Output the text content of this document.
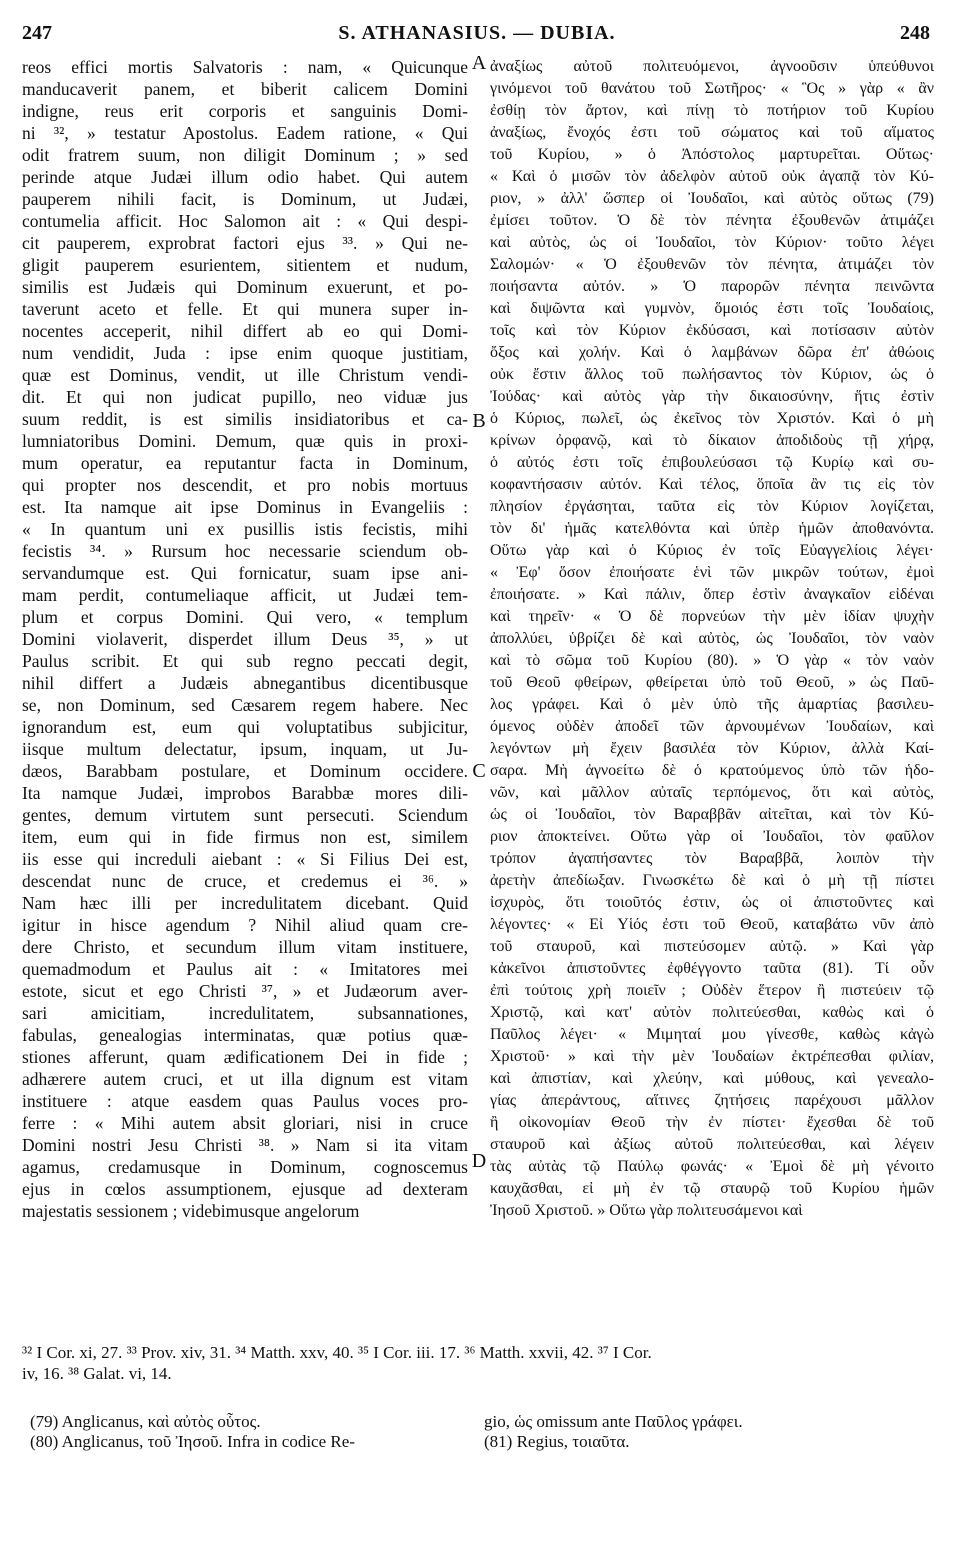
247	S. ATHANASIUS. — DUBIA.	248
reos effici mortis Salvatoris : nam, « Quicunque
manducaverit panem, et biberit calicem Domini
indigne, reus erit corporis et sanguinis Domi-
ni ³², » testatur Apostolus. Eadem ratione, « Qui
odit fratrem suum, non diligit Dominum ; » sed
perinde atque Judæi illum odio habet. Qui autem
pauperem nihili facit, is Dominum, ut Judæi,
contumelia afficit. Hoc Salomon ait : « Qui despi-
cit pauperem, exprobrat factori ejus ³³. » Qui ne-
gligit pauperem esurientem, sitientem et nudum,
similis est Judæis qui Dominum exuerunt, et po-
taverunt aceto et felle. Et qui munera super in-
nocentes acceperit, nihil differt ab eo qui Domi-
num vendidit, Juda : ipse enim quoque justitiam,
quæ est Dominus, vendit, ut ille Christum vendi-
dit. Et qui non judicat pupillo, neo viduæ jus
suum reddit, is est similis insidiatoribus et ca-
lumniatoribus Domini. Demum, quæ quis in proxi-
mum operatur, ea reputantur facta in Dominum,
qui propter nos descendit, et pro nobis mortuus
est. Ita namque ait ipse Dominus in Evangeliis :
« In quantum uni ex pusillis istis fecistis, mihi
fecistis ³⁴. » Rursum hoc necessarie sciendum ob-
servandumque est. Qui fornicatur, suam ipse ani-
mam perdit, contumeliaque afficit, ut Judæi tem-
plum et corpus Domini. Qui vero, « templum
Domini violaverit, disperdet illum Deus ³⁵, » ut
Paulus scribit. Et qui sub regno peccati degit,
nihil differt a Judæis abnegantibus dicentibusque
se, non Dominum, sed Cæsarem regem habere. Nec
ignorandum est, eum qui voluptatibus subjicitur,
iisque multum delectatur, ipsum, inquam, ut Ju-
dæos, Barabbam postulare, et Dominum occidere.
Ita namque Judæi, improbos Barabbæ mores dili-
gentes, demum virtutem sunt persecuti. Sciendum
item, eum qui in fide firmus non est, similem
iis esse qui increduli aiebant : « Si Filius Dei est,
descendat nunc de cruce, et credemus ei ³⁶. »
Nam hæc illi per incredulitatem dicebant. Quid
igitur in hisce agendum ? Nihil aliud quam cre-
dere Christo, et secundum illum vitam instituere,
quemadmodum et Paulus ait : « Imitatores mei
estote, sicut et ego Christi ³⁷, » et Judæorum aver-
sari amicitiam, incredulitatem, subsannationes,
fabulas, genealogias interminatas, quæ potius quæ-
stiones afferunt, quam ædificationem Dei in fide ;
adhærere autem cruci, et ut illa dignum est vitam
instituere : atque easdem quas Paulus voces pro-
ferre : « Mihi autem absit gloriari, nisi in cruce
Domini nostri Jesu Christi ³⁸. » Nam si ita vitam
agamus, credamusque in Dominum, cognoscemus
ejus in cœlos assumptionem, ejusque ad dexteram
majestatis sessionem ; videbimusque angelorum
ἀναξίως αὐτοῦ πολιτευόμενοι, ἀγνοοῦσιν ὑπεύθυνοι
γινόμενοι τοῦ θανάτου τοῦ Σωτῆρος· « Ὃς » γὰρ « ἂν
ἐσθίῃ τὸν ἄρτον, καὶ πίνῃ τὸ ποτήριον τοῦ Κυρίου
ἀναξίως, ἔνοχός ἐστι τοῦ σώματος καὶ τοῦ αἵματος
τοῦ Κυρίου, » ὁ Ἀπόστολος μαρτυρεῖται. Οὕτως·
« Καὶ ὁ μισῶν τὸν ἀδελφὸν αὐτοῦ οὐκ ἀγαπᾷ τὸν Κύ-
ριον, » ἀλλ' ὥσπερ οἱ Ἰουδαῖοι, καὶ αὐτὸς οὕτως (79)
ἐμίσει τοῦτον. Ὁ δὲ τὸν πένητα ἐξουθενῶν ἀτιμάζει
καὶ αὐτὸς, ὡς οἱ Ἰουδαῖοι, τὸν Κύριον· τοῦτο λέγει
Σαλομών· « Ὁ ἐξουθενῶν τὸν πένητα, ἀτιμάζει τὸν
ποιήσαντα αὐτόν. » Ὁ παρορῶν πένητα πεινῶντα
καὶ διψῶντα καὶ γυμνὸν, ὅμοιός ἐστι τοῖς Ἰουδαίοις,
τοῖς καὶ τὸν Κύριον ἐκδύσασι, καὶ ποτίσασιν αὐτὸν
ὄξος καὶ χολήν. Καὶ ὁ λαμβάνων δῶρα ἐπ' ἀθώοις
οὐκ ἔστιν ἄλλος τοῦ πωλήσαντος τὸν Κύριον, ὡς ὁ
Ἰούδας· καὶ αὐτὸς γὰρ τὴν δικαιοσύνην, ἥτις ἐστὶν
ὁ Κύριος, πωλεῖ, ὡς ἐκεῖνος τὸν Χριστόν. Καὶ ὁ μὴ
κρίνων ὀρφανῷ, καὶ τὸ δίκαιον ἀποδιδοὺς τῇ χήρᾳ,
ὁ αὐτός ἐστι τοῖς ἐπιβουλεύσασι τῷ Κυρίῳ καὶ συ-
κοφαντήσασιν αὐτόν. Καὶ τέλος, ὅποῖα ἂν τις εἰς τὸν
πλησίον ἐργάσηται, ταῦτα εἰς τὸν Κύριον λογίζεται,
τὸν δι' ἡμᾶς κατελθόντα καὶ ὑπὲρ ἡμῶν ἀποθανόντα.
Οὕτω γὰρ καὶ ὁ Κύριος ἐν τοῖς Εὐαγγελίοις λέγει·
« Ἐφ' ὅσον ἐποιήσατε ἑνὶ τῶν μικρῶν τούτων, ἐμοὶ
ἐποιήσατε. » Καὶ πάλιν, ὅπερ ἐστὶν ἀναγκαῖον εἰδέναι
καὶ τηρεῖν· « Ὁ δὲ πορνεύων τὴν μὲν ἰδίαν ψυχὴν
ἀπολλύει, ὑβρίζει δὲ καὶ αὐτὸς, ὡς Ἰουδαῖοι, τὸν ναὸν
καὶ τὸ σῶμα τοῦ Κυρίου (80). » Ὁ γὰρ « τὸν ναὸν
τοῦ Θεοῦ φθείρων, φθείρεται ὑπὸ τοῦ Θεοῦ, » ὡς Παῦ-
λος γράφει. Καὶ ὁ μὲν ὑπὸ τῆς ἁμαρτίας βασιλευ-
όμενος οὐδὲν ἀποδεῖ τῶν ἀρνουμένων Ἰουδαίων, καὶ
λεγόντων μὴ ἔχειν βασιλέα τὸν Κύριον, ἀλλὰ Καί-
σαρα. Μὴ ἀγνοείτω δὲ ὁ κρατούμενος ὑπὸ τῶν ἡδο-
νῶν, καὶ μᾶλλον αὐταῖς τερπόμενος, ὅτι καὶ αὐτὸς,
ὡς οἱ Ἰουδαῖοι, τὸν Βαραββᾶν αἰτεῖται, καὶ τὸν Κύ-
ριον ἀποκτείνει. Οὕτω γὰρ οἱ Ἰουδαῖοι, τὸν φαῦλον
τρόπον ἀγαπήσαντες τὸν Βαραββᾶ, λοιπὸν τὴν
ἀρετὴν ἀπεδίωξαν. Γινωσκέτω δὲ καὶ ὁ μὴ τῇ πίστει
ἰσχυρὸς, ὅτι τοιοῦτός ἐστιν, ὡς οἱ ἀπιστοῦντες καὶ
λέγοντες· « Εἰ Υἱός ἐστι τοῦ Θεοῦ, καταβάτω νῦν ἀπὸ
τοῦ σταυροῦ, καὶ πιστεύσομεν αὐτῷ. » Καὶ γὰρ
κἀκεῖνοι ἀπιστοῦντες ἐφθέγγοντο ταῦτα (81). Τί οὖν
ἐπὶ τούτοις χρὴ ποιεῖν ; Οὐδὲν ἕτερον ἢ πιστεύειν τῷ
Χριστῷ, καὶ κατ' αὐτὸν πολιτεύεσθαι, καθὼς καὶ ὁ
Παῦλος λέγει· « Μιμηταί μου γίνεσθε, καθὼς κἀγὼ
Χριστοῦ· » καὶ τὴν μὲν Ἰουδαίων ἐκτρέπεσθαι φιλίαν,
καὶ ἀπιστίαν, καὶ χλεύην, καὶ μύθους, καὶ γενεαλο-
γίας ἀπεράντους, αἵτινες ζητήσεις παρέχουσι μᾶλλον
ἢ οἰκονομίαν Θεοῦ τὴν ἐν πίστει· ἔχεσθαι δὲ τοῦ
σταυροῦ καὶ ἀξίως αὐτοῦ πολιτεύεσθαι, καὶ λέγειν
τὰς αὐτὰς τῷ Παύλῳ φωνάς· « Ἐμοὶ δὲ μὴ γένοιτο
καυχᾶσθαι, εἰ μὴ ἐν τῷ σταυρῷ τοῦ Κυρίου ἡμῶν
Ἰησοῦ Χριστοῦ. » Οὕτω γὰρ πολιτευσάμενοι καὶ
A
B
C
D
³² I Cor. xi, 27. ³³ Prov. xiv, 31. ³⁴ Matth. xxv, 40. ³⁵ I Cor. iii. 17. ³⁶ Matth. xxvii, 42. ³⁷ I Cor.
iv, 16. ³⁸ Galat. vi, 14.
(79) Anglicanus, καὶ αὐτὸς οὗτος.
(80) Anglicanus, τοῦ Ἰησοῦ. Infra in codice Re-
gio, ὡς omissum ante Παῦλος γράφει.
(81) Regius, τοιαῦτα.
